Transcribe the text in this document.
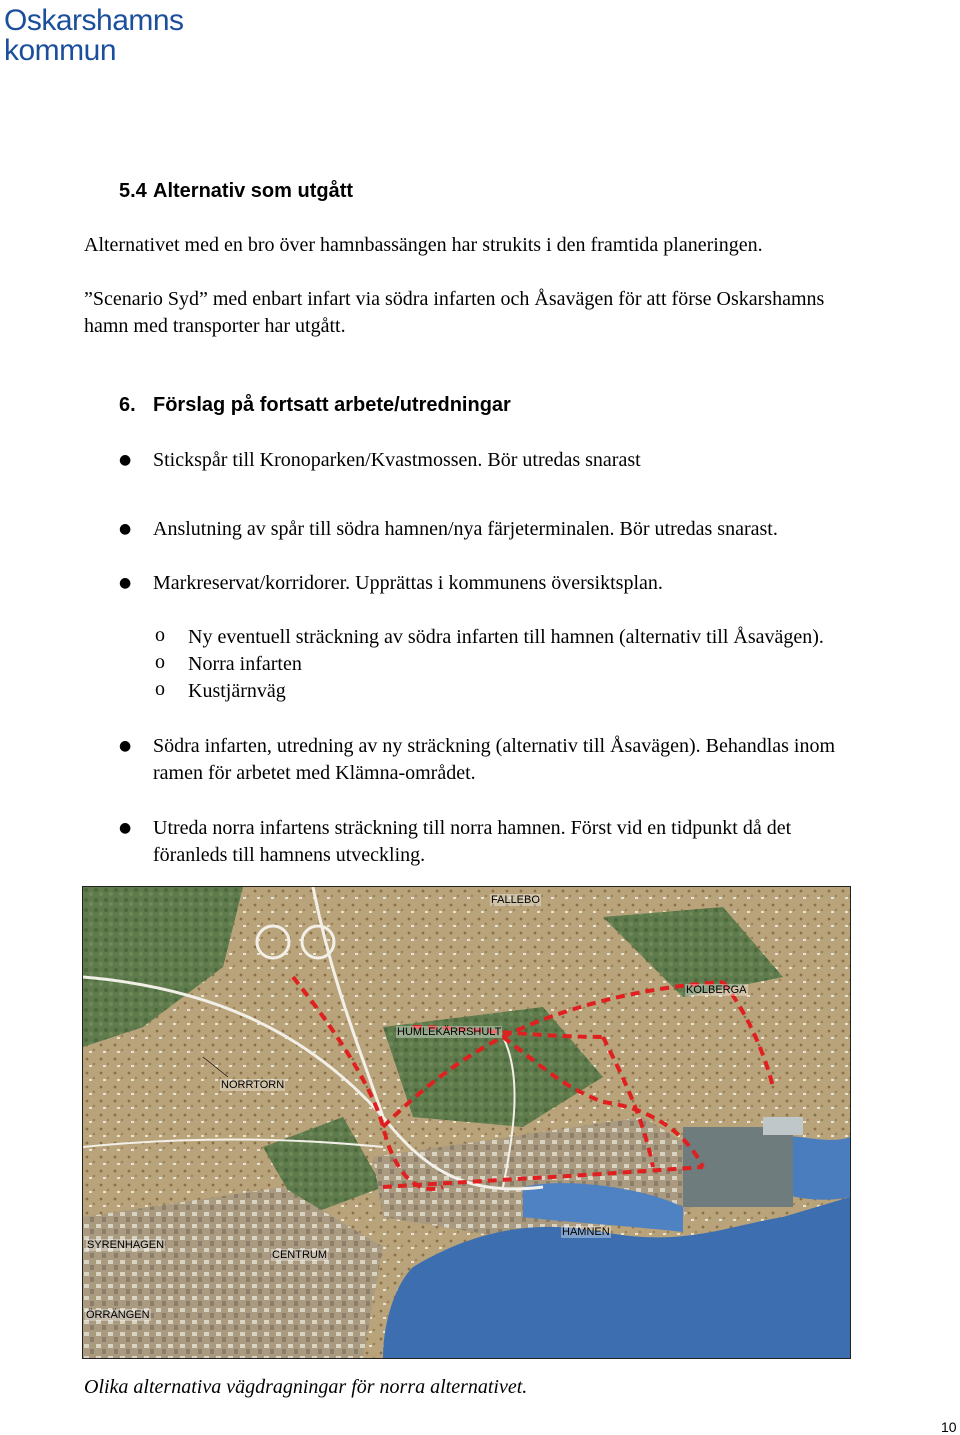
Oskarshamns
kommun
5.4 Alternativ som utgått
Alternativet med en bro över hamnbassängen har strukits i den framtida planeringen.
”Scenario Syd” med enbart infart via södra infarten och Åsavägen för att förse Oskarshamns
hamn med transporter har utgått.
6. Förslag på fortsatt arbete/utredningar
● Stickspår till Kronoparken/Kvastmossen. Bör utredas snarast
● Anslutning av spår till södra hamnen/nya färjeterminalen. Bör utredas snarast.
● Markreservat/korridorer. Upprättas i kommunens översiktsplan.
o Ny eventuell sträckning av södra infarten till hamnen (alternativ till Åsavägen).
o Norra infarten
o Kustjärnväg
● Södra infarten, utredning av ny sträckning (alternativ till Åsavägen). Behandlas inom
ramen för arbetet med Klämna-området.
● Utreda norra infartens sträckning till norra hamnen. Först vid en tidpunkt då det
föranleds till hamnens utveckling.
FALLEBO
KOLBERGA
HUMLEKÄRRSHULT
NORRTORN
SYRENHAGEN
CENTRUM
HAMNEN
ÖRRÄNGEN
Olika alternativa vägdragningar för norra alternativet.
10
